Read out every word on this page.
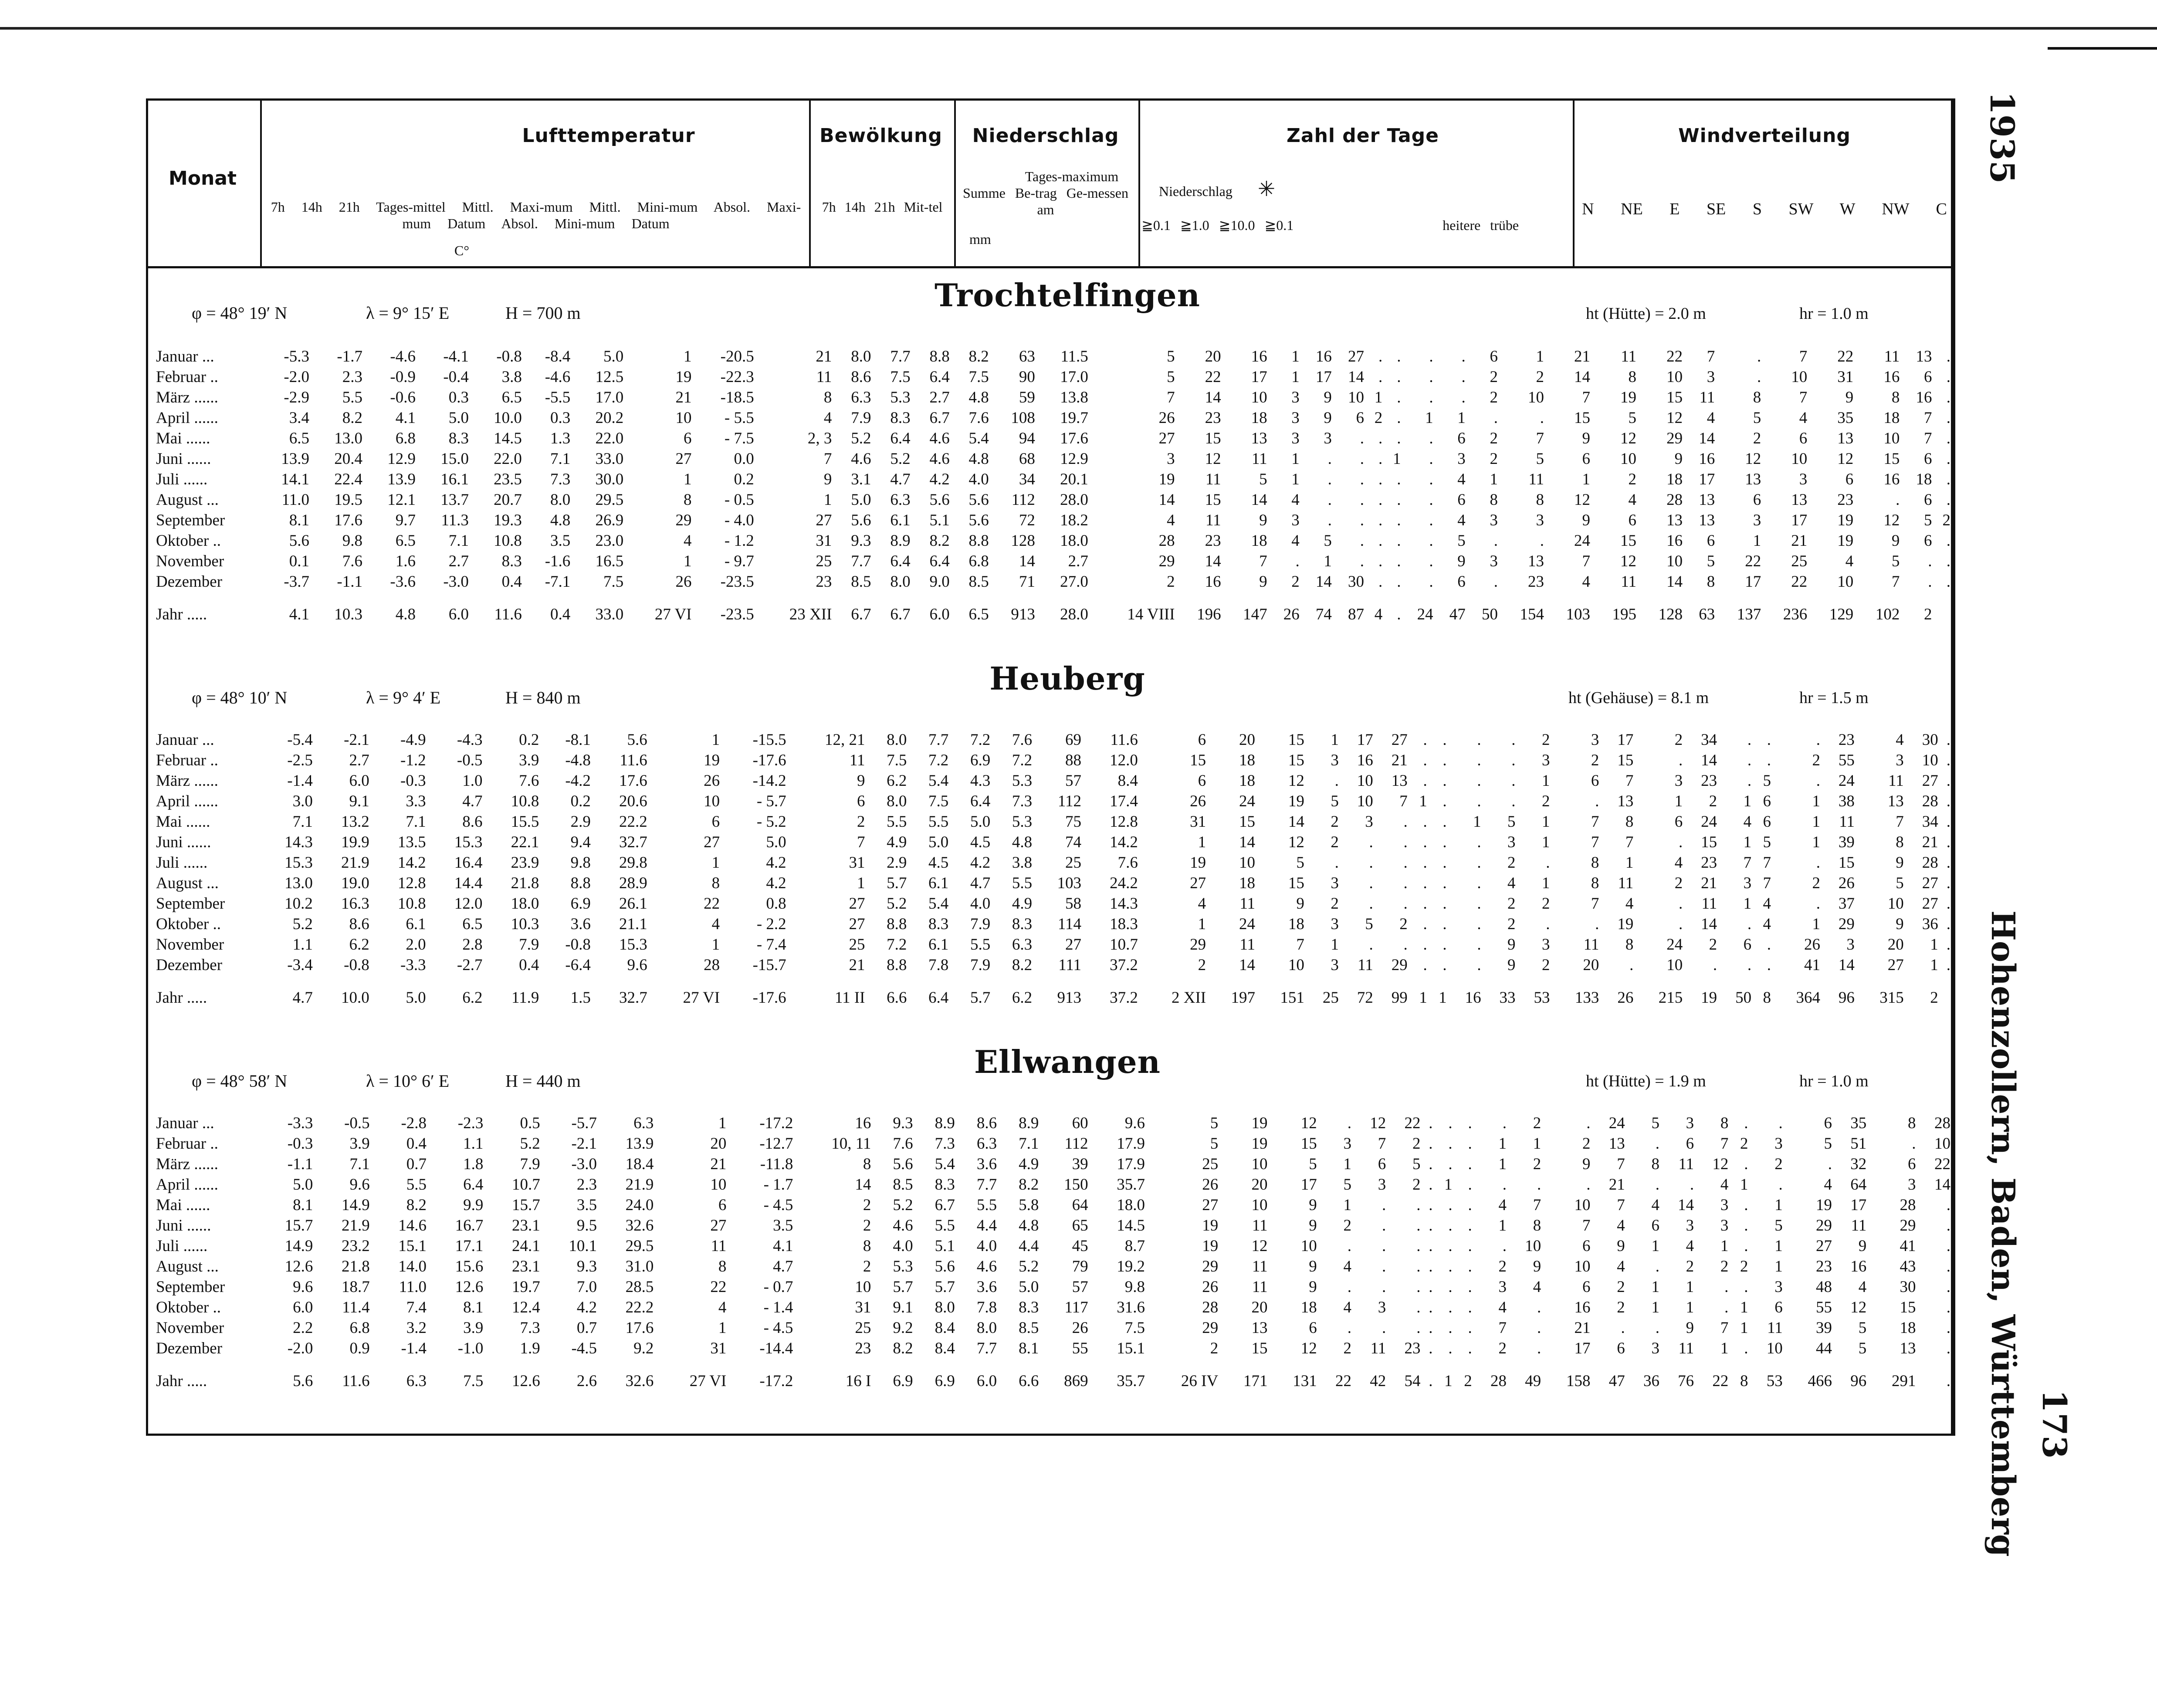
Monat
Lufttemperatur	Bewölkung	Niederschlag	Zahl der Tage	Windverteilung
7h 14h 21h Tages-mittel Mittl. Maxi-mum Mittl. Mini-mum Absol. Maxi-mum Datum Absol. Mini-mum Datum
C°
7h 14h 21h Mit-tel
Tages-maximum
Summe Be-trag Ge-messen am
mm
Niederschlag ✳
≧0.1 ≧1.0 ≧10.0 ≧0.1	heitere trübe
N NE E SE S SW W NW C
φ = 48° 19′ N	λ = 9° 15′ E	H = 700 m	Trochtelfingen	ht (Hütte) = 2.0 m	hr = 1.0 m
Januar ...	-5.3	-1.7	-4.6	-4.1	-0.8	-8.4	5.0	1	-20.5	21	8.0	7.7	8.8	8.2	63	11.5	5	20	16	1	16	27	.	.	.	.	6	1	21	11	22	7	.	7	22	11	13	.
Februar ..	-2.0	2.3	-0.9	-0.4	3.8	-4.6	12.5	19	-22.3	11	8.6	7.5	6.4	7.5	90	17.0	5	22	17	1	17	14	.	.	.	.	2	2	14	8	10	3	.	10	31	16	6	.
März ......	-2.9	5.5	-0.6	0.3	6.5	-5.5	17.0	21	-18.5	8	6.3	5.3	2.7	4.8	59	13.8	7	14	10	3	9	10	1	.	.	.	2	10	7	19	15	11	8	7	9	8	16	.
April ......	3.4	8.2	4.1	5.0	10.0	0.3	20.2	10	- 5.5	4	7.9	8.3	6.7	7.6	108	19.7	26	23	18	3	9	6	2	.	1	1	.	.	15	5	12	4	5	4	35	18	7	.
Mai ......	6.5	13.0	6.8	8.3	14.5	1.3	22.0	6	- 7.5	2, 3	5.2	6.4	4.6	5.4	94	17.6	27	15	13	3	3	.	.	.	.	6	2	7	9	12	29	14	2	6	13	10	7	.
Juni ......	13.9	20.4	12.9	15.0	22.0	7.1	33.0	27	0.0	7	4.6	5.2	4.6	4.8	68	12.9	3	12	11	1	.	.	.	1	.	3	2	5	6	10	9	16	12	10	12	15	6	.
Juli ......	14.1	22.4	13.9	16.1	23.5	7.3	30.0	1	0.2	9	3.1	4.7	4.2	4.0	34	20.1	19	11	5	1	.	.	.	.	.	4	1	11	1	2	18	17	13	3	6	16	18	.
August ...	11.0	19.5	12.1	13.7	20.7	8.0	29.5	8	- 0.5	1	5.0	6.3	5.6	5.6	112	28.0	14	15	14	4	.	.	.	.	.	6	8	8	12	4	28	13	6	13	23	.	6	.
September	8.1	17.6	9.7	11.3	19.3	4.8	26.9	29	- 4.0	27	5.6	6.1	5.1	5.6	72	18.2	4	11	9	3	.	.	.	.	.	4	3	3	9	6	13	13	3	17	19	12	5	2
Oktober ..	5.6	9.8	6.5	7.1	10.8	3.5	23.0	4	- 1.2	31	9.3	8.9	8.2	8.8	128	18.0	28	23	18	4	5	.	.	.	.	5	.	.	24	15	16	6	1	21	19	9	6	.
November	0.1	7.6	1.6	2.7	8.3	-1.6	16.5	1	- 9.7	25	7.7	6.4	6.4	6.8	14	2.7	29	14	7	.	1	.	.	.	.	9	3	13	7	12	10	5	22	25	4	5	.	.
Dezember	-3.7	-1.1	-3.6	-3.0	0.4	-7.1	7.5	26	-23.5	23	8.5	8.0	9.0	8.5	71	27.0	2	16	9	2	14	30	.	.	.	6	.	23	4	11	14	8	17	22	10	7	.	.
Jahr .....	4.1	10.3	4.8	6.0	11.6	0.4	33.0	27 VI	-23.5	23 XII	6.7	6.7	6.0	6.5	913	28.0	14 VIII	196	147	26	74	87	4	.	24	47	50	154	103	195	128	63	137	236	129	102	2	
φ = 48° 10′ N	λ = 9° 4′ E	H = 840 m
Heuberg
ht (Gehäuse) = 8.1 m	hr = 1.5 m
Januar ...	-5.4	-2.1	-4.9	-4.3	0.2	-8.1	5.6	1	-15.5	12, 21	8.0	7.7	7.2	7.6	69	11.6	6	20	15	1	17	27	.	.	.	.	2	3	17	2	34	.	.	.	23	4	30	.
Februar ..	-2.5	2.7	-1.2	-0.5	3.9	-4.8	11.6	19	-17.6	11	7.5	7.2	6.9	7.2	88	12.0	15	18	15	3	16	21	.	.	.	.	3	2	15	.	14	.	.	2	55	3	10	.
März ......	-1.4	6.0	-0.3	1.0	7.6	-4.2	17.6	26	-14.2	9	6.2	5.4	4.3	5.3	57	8.4	6	18	12	.	10	13	.	.	.	.	1	6	7	3	23	.	5	.	24	11	27	.
April ......	3.0	9.1	3.3	4.7	10.8	0.2	20.6	10	- 5.7	6	8.0	7.5	6.4	7.3	112	17.4	26	24	19	5	10	7	1	.	.	.	2	.	13	1	2	1	6	1	38	13	28	.
Mai ......	7.1	13.2	7.1	8.6	15.5	2.9	22.2	6	- 5.2	2	5.5	5.5	5.0	5.3	75	12.8	31	15	14	2	3	.	.	.	1	5	1	7	8	6	24	4	6	1	11	7	34	.
Juni ......	14.3	19.9	13.5	15.3	22.1	9.4	32.7	27	5.0	7	4.9	5.0	4.5	4.8	74	14.2	1	14	12	2	.	.	.	.	.	3	1	7	7	.	15	1	5	1	39	8	21	.
Juli ......	15.3	21.9	14.2	16.4	23.9	9.8	29.8	1	4.2	31	2.9	4.5	4.2	3.8	25	7.6	19	10	5	.	.	.	.	.	.	2	.	8	1	4	23	7	7	.	15	9	28	.
August ...	13.0	19.0	12.8	14.4	21.8	8.8	28.9	8	4.2	1	5.7	6.1	4.7	5.5	103	24.2	27	18	15	3	.	.	.	.	.	4	1	8	11	2	21	3	7	2	26	5	27	.
September	10.2	16.3	10.8	12.0	18.0	6.9	26.1	22	0.8	27	5.2	5.4	4.0	4.9	58	14.3	4	11	9	2	.	.	.	.	.	2	2	7	4	.	11	1	4	.	37	10	27	.
Oktober ..	5.2	8.6	6.1	6.5	10.3	3.6	21.1	4	- 2.2	27	8.8	8.3	7.9	8.3	114	18.3	1	24	18	3	5	2	.	.	.	2	.	.	19	.	14	.	4	1	29	9	36	.
November	1.1	6.2	2.0	2.8	7.9	-0.8	15.3	1	- 7.4	25	7.2	6.1	5.5	6.3	27	10.7	29	11	7	1	.	.	.	.	.	9	3	11	8	24	2	6	.	26	3	20	1	.
Dezember	-3.4	-0.8	-3.3	-2.7	0.4	-6.4	9.6	28	-15.7	21	8.8	7.8	7.9	8.2	111	37.2	2	14	10	3	11	29	.	.	.	9	2	20	.	10	.	.	.	41	14	27	1	.
Jahr .....	4.7	10.0	5.0	6.2	11.9	1.5	32.7	27 VI	-17.6	11 II	6.6	6.4	5.7	6.2	913	37.2	2 XII	197	151	25	72	99	1	1	16	33	53	133	26	215	19	50	8	364	96	315	2	
φ = 48° 58′ N	λ = 10° 6′ E	H = 440 m
Ellwangen
ht (Hütte) = 1.9 m	hr = 1.0 m
Januar ...	-3.3	-0.5	-2.8	-2.3	0.5	-5.7	6.3	1	-17.2	16	9.3	8.9	8.6	8.9	60	9.6	5	19	12	.	12	22	.	.	.	.	2	.	24	5	3	8	.	.	6	35	8	28
Februar ..	-0.3	3.9	0.4	1.1	5.2	-2.1	13.9	20	-12.7	10, 11	7.6	7.3	6.3	7.1	112	17.9	5	19	15	3	7	2	.	.	.	1	1	2	13	.	6	7	2	3	5	51	.	10
März ......	-1.1	7.1	0.7	1.8	7.9	-3.0	18.4	21	-11.8	8	5.6	5.4	3.6	4.9	39	17.9	25	10	5	1	6	5	.	.	.	1	2	9	7	8	11	12	.	2	.	32	6	22
April ......	5.0	9.6	5.5	6.4	10.7	2.3	21.9	10	- 1.7	14	8.5	8.3	7.7	8.2	150	35.7	26	20	17	5	3	2	.	1	.	.	.	.	21	.	.	4	1	.	4	64	3	14
Mai ......	8.1	14.9	8.2	9.9	15.7	3.5	24.0	6	- 4.5	2	5.2	6.7	5.5	5.8	64	18.0	27	10	9	1	.	.	.	.	.	4	7	10	7	4	14	3	.	1	19	17	28	.
Juni ......	15.7	21.9	14.6	16.7	23.1	9.5	32.6	27	3.5	2	4.6	5.5	4.4	4.8	65	14.5	19	11	9	2	.	.	.	.	.	1	8	7	4	6	3	3	.	5	29	11	29	.
Juli ......	14.9	23.2	15.1	17.1	24.1	10.1	29.5	11	4.1	8	4.0	5.1	4.0	4.4	45	8.7	19	12	10	.	.	.	.	.	.	.	10	6	9	1	4	1	.	1	27	9	41	.
August ...	12.6	21.8	14.0	15.6	23.1	9.3	31.0	8	4.7	2	5.3	5.6	4.6	5.2	79	19.2	29	11	9	4	.	.	.	.	.	2	9	10	4	.	2	2	2	1	23	16	43	.
September	9.6	18.7	11.0	12.6	19.7	7.0	28.5	22	- 0.7	10	5.7	5.7	3.6	5.0	57	9.8	26	11	9	.	.	.	.	.	.	3	4	6	2	1	1	.	.	3	48	4	30	.
Oktober ..	6.0	11.4	7.4	8.1	12.4	4.2	22.2	4	- 1.4	31	9.1	8.0	7.8	8.3	117	31.6	28	20	18	4	3	.	.	.	.	4	.	16	2	1	1	.	1	6	55	12	15	.
November	2.2	6.8	3.2	3.9	7.3	0.7	17.6	1	- 4.5	25	9.2	8.4	8.0	8.5	26	7.5	29	13	6	.	.	.	.	.	.	7	.	21	.	.	9	7	1	11	39	5	18	.
Dezember	-2.0	0.9	-1.4	-1.0	1.9	-4.5	9.2	31	-14.4	23	8.2	8.4	7.7	8.1	55	15.1	2	15	12	2	11	23	.	.	.	2	.	17	6	3	11	1	.	10	44	5	13	.
Jahr .....	5.6	11.6	6.3	7.5	12.6	2.6	32.6	27 VI	-17.2	16 I	6.9	6.9	6.0	6.6	869	35.7	26 IV	171	131	22	42	54	.	1	2	28	49	158	47	36	76	22	8	53	466	96	291	.
1935
Hohenzollern, Baden, Württemberg 173
